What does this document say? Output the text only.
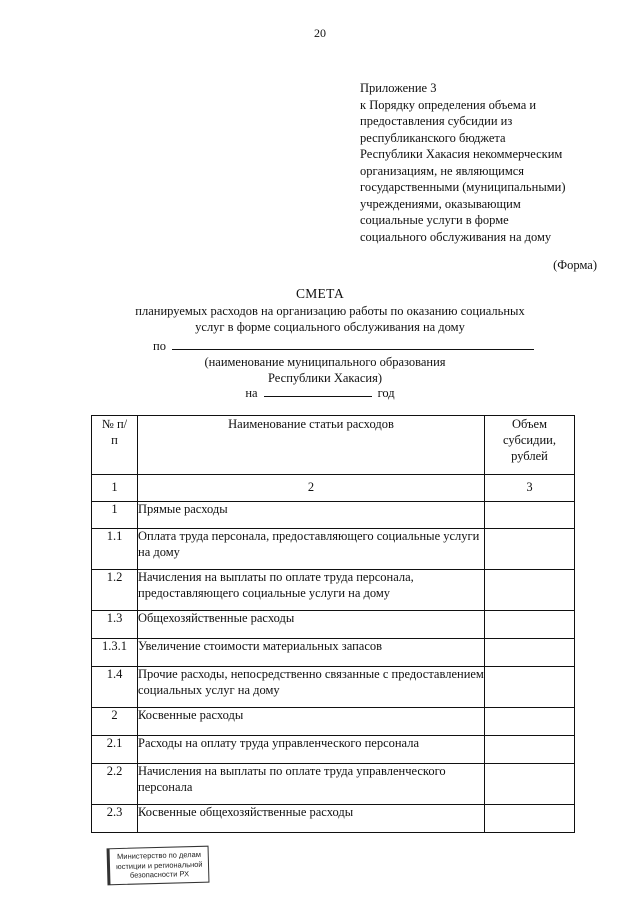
20
Приложение 3
к Порядку определения объема и
предоставления субсидии из
республиканского бюджета
Республики Хакасия некоммерческим
организациям, не являющимся
государственными (муниципальными)
учреждениями, оказывающим
социальные услуги в форме
социального обслуживания на дому
(Форма)
СМЕТА
планируемых расходов на организацию работы по оказанию социальных
услуг в форме социального обслуживания на дому
по
(наименование муниципального образования
Республики Хакасия)
на	год
№ п/п	Наименование статьи расходов	Объем субсидии, рублей

1	2	3
1	Прямые расходы	
1.1	Оплата труда персонала, предоставляющего социальные услуги на дому	
1.2	Начисления на выплаты по оплате труда персонала, предоставляющего социальные услуги на дому	
1.3	Общехозяйственные расходы	
1.3.1	Увеличение стоимости материальных запасов	
1.4	Прочие расходы, непосредственно связанные с предоставлением социальных услуг на дому	
2	Косвенные расходы	
2.1	Расходы на оплату труда управленческого персонала	
2.2	Начисления на выплаты по оплате труда управленческого персонала	
2.3	Косвенные общехозяйственные расходы	
Министерство по делам
юстиции и региональной
безопасности РХ
